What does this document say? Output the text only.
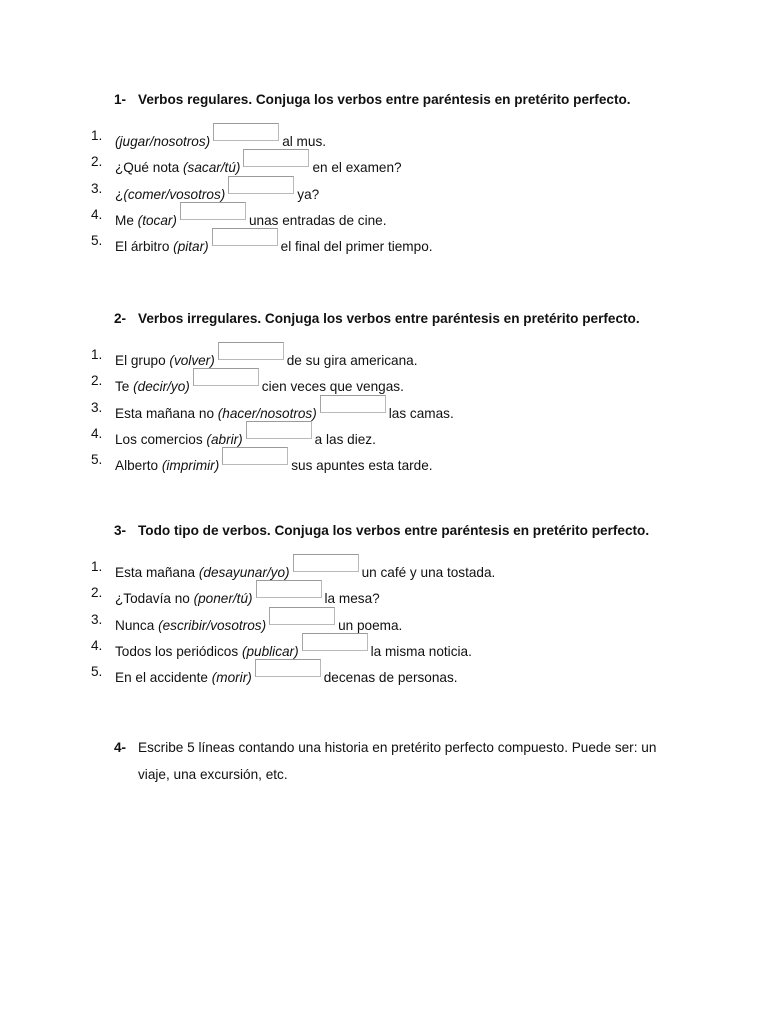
1- Verbos regulares. Conjuga los verbos entre paréntesis en pretérito perfecto.
1. (jugar/nosotros)	al mus.
2. ¿Qué nota (sacar/tú)	en el examen?
3. ¿(comer/vosotros)	ya?
4. Me (tocar)	unas entradas de cine.
5. El árbitro (pitar)	el final del primer tiempo.
2- Verbos irregulares. Conjuga los verbos entre paréntesis en pretérito perfecto.
1. El grupo (volver)	de su gira americana.
2. Te (decir/yo)	cien veces que vengas.
3. Esta mañana no (hacer/nosotros)	las camas.
4. Los comercios (abrir)	a las diez.
5. Alberto (imprimir)	sus apuntes esta tarde.
3- Todo tipo de verbos. Conjuga los verbos entre paréntesis en pretérito perfecto.
1. Esta mañana (desayunar/yo)	un café y una tostada.
2. ¿Todavía no (poner/tú)	la mesa?
3. Nunca (escribir/vosotros)	un poema.
4. Todos los periódicos (publicar)	la misma noticia.
5. En el accidente (morir)	decenas de personas.
4- Escribe 5 líneas contando una historia en pretérito perfecto compuesto. Puede ser: un viaje, una excursión, etc.
